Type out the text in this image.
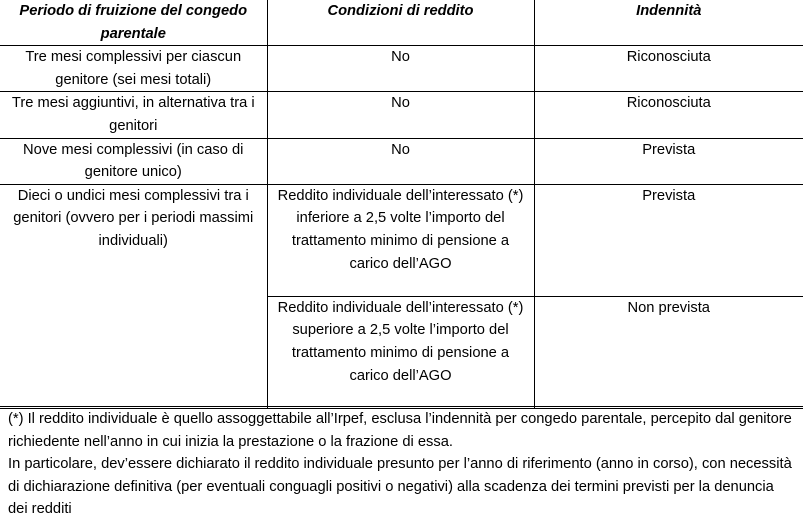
Periodo di fruizione del congedo parentale	Condizioni di reddito	Indennità
Tre mesi complessivi per ciascun genitore (sei mesi totali)	No	Riconosciuta
Tre mesi aggiuntivi, in alternativa tra i genitori	No	Riconosciuta
Nove mesi complessivi (in caso di genitore unico)	No	Prevista
Dieci o undici mesi complessivi tra i genitori (ovvero per i periodi massimi individuali)	Reddito individuale dell’interessato (*) inferiore a 2,5 volte l’importo del trattamento minimo di pensione a carico dell’AGO	Prevista
	Reddito individuale dell’interessato (*) superiore a 2,5 volte l’importo del trattamento minimo di pensione a carico dell’AGO	Non prevista

(*) Il reddito individuale è quello assoggettabile all’Irpef, esclusa l’indennità per congedo parentale, percepito dal genitore richiedente nell’anno in cui inizia la prestazione o la frazione di essa.

In particolare, dev’essere dichiarato il reddito individuale presunto per l’anno di riferimento (anno in corso), con necessità di dichiarazione definitiva (per eventuali conguagli positivi o negativi) alla scadenza dei termini previsti per la denuncia dei redditi
